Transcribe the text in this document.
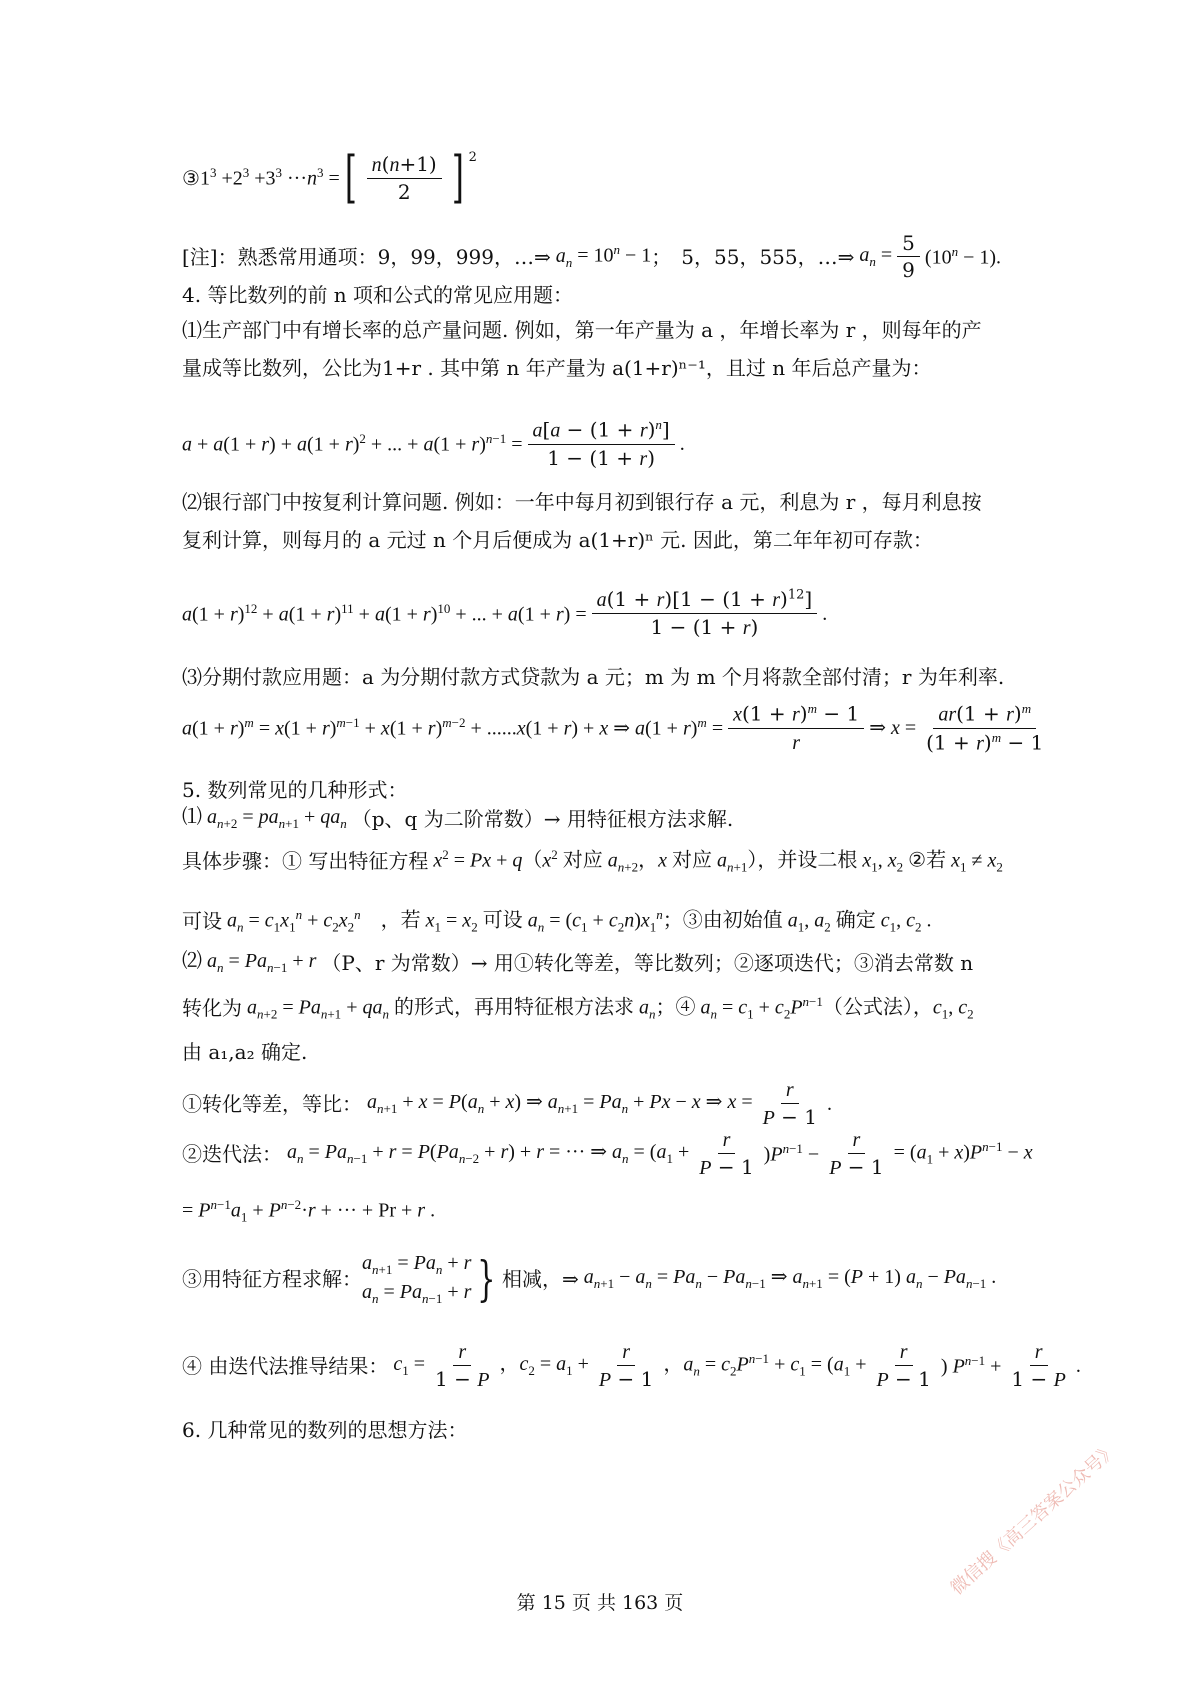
③ $1^3 +2^3 +3^3 \cdot\cdot\cdot n^3$ = [ n(n+1)
2 ] $^2$
[注]：熟悉常用通项：9，99，999，…⇒ $a_n = 10^n - 1$ ；　5，55，555，…⇒ $a_n = \frac{5}{9} (10^n - 1)$.
4. 等比数列的前 n 项和公式的常见应用题：
⑴生产部门中有增长率的总产量问题. 例如，第一年产量为 a ，年增长率为 r ，则每年的产
量成等比数列，公比为1+r . 其中第 n 年产量为 a(1+r)ⁿ⁻¹，且过 n 年后总产量为：
$a + a(1 + r) + a(1 + r)^2$ + ... + $a(1 + r)^{n-1} = \frac{a[a - (1 + r)^n]}{1 - (1 + r)}$ .
⑵银行部门中按复利计算问题. 例如：一年中每月初到银行存 a 元，利息为 r ，每月利息按
复利计算，则每月的 a 元过 n 个月后便成为 a(1+r)ⁿ 元. 因此，第二年年初可存款：
$a(1 + r)^{12} + a(1 + r)^{11} + a(1 + r)^{10}$ + ... + $a(1 + r) = \frac{a(1 + r)[1 - (1 + r)^{12}]}{1 - (1 + r)}$ .
⑶分期付款应用题：a 为分期付款方式贷款为 a 元；m 为 m 个月将款全部付清；r 为年利率.
$a(1 + r)^m = x(1 + r)^{m-1} + x(1 + r)^{m-2} + ......x(1 + r) + x$ ⇒ $a(1 + r)^m = \frac{x(1 + r)^m - 1}{r}$ ⇒ $x = \frac{ar(1 + r)^m}{(1 + r)^m - 1}$
5. 数列常见的几种形式：
⑴ $a_{n+2} = pa_{n+1} + qa_n$ （p、q 为二阶常数）→ 用特征根方法求解.
具体步骤：① 写出特征方程 $x^2 = Px + q(x^2$ 对应 $a_{n+2}$，x 对应 $a_{n+1}$），并设二根 $x_1$, $x_2$ ②若 $x_1 \ne x_2$
可设 $a_n = c_1x_1^n + c_2x_2^n$　，若 $x_1 = x_2$ 可设 $a_n = (c_1 + c_2n)x_1^n$；③由初始值 $a_1$, $a_2$ 确定 $c_1$, $c_2$ .
⑵ $a_n = Pa_{n-1} + r$ （P、r 为常数）→ 用①转化等差，等比数列；②逐项迭代；③消去常数 n
转化为 $a_{n+2} = Pa_{n+1} + qa_n$ 的形式，再用特征根方法求 $a_n$；④ $a_n = c_1 + c_2P^{n-1}$（公式法），$c_1$, $c_2$
由 a₁,a₂ 确定.
①转化等差，等比： $a_{n+1} + x = P(a_n + x)$ ⇒ $a_{n+1} = Pa_n + Px - x$ ⇒ $x = \frac{r}{P - 1}$ .
②迭代法： $a_n = Pa_{n-1} + r = P(Pa_{n-2} + r) + r$ = ··· ⇒ $a_n = (a_1 + \frac{r}{P - 1} )P^{n-1} - \frac{r}{P - 1} = (a_1 + x)P^{n-1} - x$
= $P^{n-1}a_1 + P^{n-2}\cdot r$ + ··· + Pr + r .
③用特征方程求解：
$a_{n+1} = Pa_n + r$
$a_n = Pa_{n-1} + r$ } 相减，⇒ $a_{n+1} - a_n = Pa_n - Pa_{n-1}$ ⇒ $a_{n+1} = (P + 1) a_n - Pa_{n-1}$ .
④ 由迭代法推导结果： $c_1 = \frac{r}{1 - P}$ ，$c_2 = a_1 + \frac{r}{P - 1}$ ，$a_n = c_2P^{n-1} + c_1 = (a_1 + \frac{r}{P - 1}$ ) $P^{n-1} + \frac{r}{1 - P}$ .
6. 几种常见的数列的思想方法：
第 15 页 共 163 页
微信搜《高三答案公众号》
